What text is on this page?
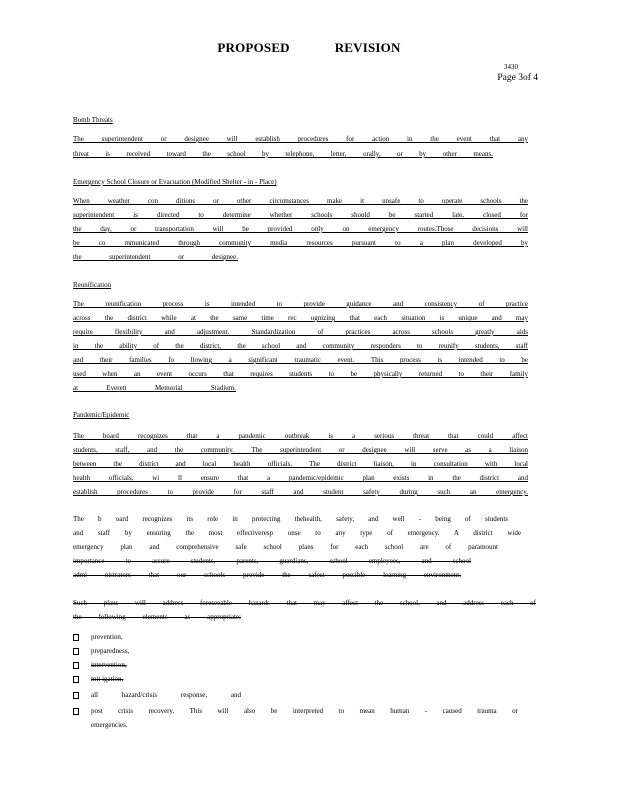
PROPOSED	REVISION
3430
Page 3of 4
Bomb Threats
The superintendent or designee will establish procedures for action in the event that any
threat is received toward the school by telephone, letter, orally, or by other means.
Emergency School Closure or Evacuation (Modified Shelter - in - Place)
When weather con ditions or other circumstances make it unsafe to operate schools the
superintendent is directed to determine whether schools should be started late, closed for
the day, or transportation will be provided only on emergency routes.Those decisions will
be co mmunicated through community media resources pursuant to a plan developed by
the superintendent or designee.
Reunification
The reunification process is intended to provide guidance and consistency of practice
across the district while at the same time rec ognizing that each situation is unique and may
require flexibility and adjustment. Standardization of practices across schools greatly aids
in the ability of the district, the school and community responders to reunify students, staff
and their families fo llowing a significant traumatic event. This process is intended to be
used when an event occurs that requires students to be physically returned to their family
at Everett Memorial Stadium.
Pandemic/Epidemic
The board recognizes that a pandemic outbreak is a serious threat that could affect
students, staff, and the community. The superintendent or designee will serve as a liaison
between the district and local health officials. The district liaison, in consultation with local
health officials, wi ll ensure that a pandemic/epidemic plan exists in the district and
establish procedures to provide for staff and student safety during such an emergency.
The b oard recognizes its role in protecting thehealth, safety, and well - being of students
and staff by ensuring the most effectiveresp onse to any type of emergency. A district wide
emergency plan and comprehensive safe school plans for each school are of paramount
importance to assure students, parents, guardians, school employees, and school
admi nistrators that our schools provide the safest possible learning environment.
Such plans will address foreseeable hazards that may affect the school, and address each of
the following elements as appropriate:
prevention,
preparedness,
intervention,
mit igation,
all hazard/crisis response, and
post crisis recovery. This will also be interpreted to mean human - caused trauma or
emergencies.
